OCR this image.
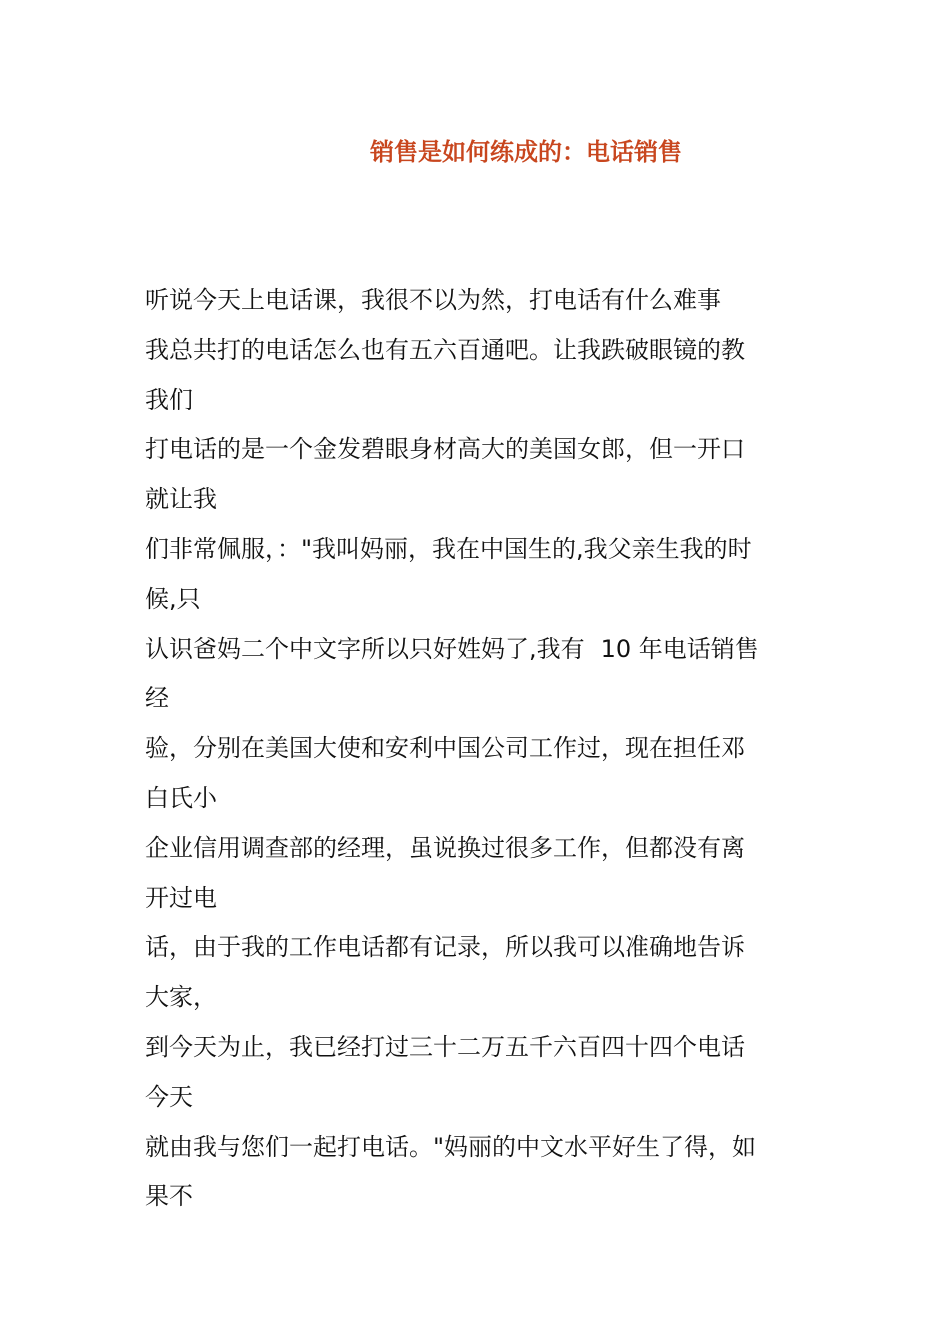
销售是如何练成的：电话销售
听说今天上电话课，我很不以为然，打电话有什么难事
我总共打的电话怎么也有五六百通吧。让我跌破眼镜的教
我们
打电话的是一个金发碧眼身材高大的美国女郎，但一开口
就让我
们非常佩服，："我叫妈丽，我在中国生的,我父亲生我的时
候,只
认识爸妈二个中文字所以只好姓妈了,我有 10 年电话销售
经
验，分别在美国大使和安利中国公司工作过，现在担任邓
白氏小
企业信用调查部的经理，虽说换过很多工作，但都没有离
开过电
话，由于我的工作电话都有记录，所以我可以准确地告诉
大家，
到今天为止，我已经打过三十二万五千六百四十四个电话
今天
就由我与您们一起打电话。"妈丽的中文水平好生了得，如
果不
